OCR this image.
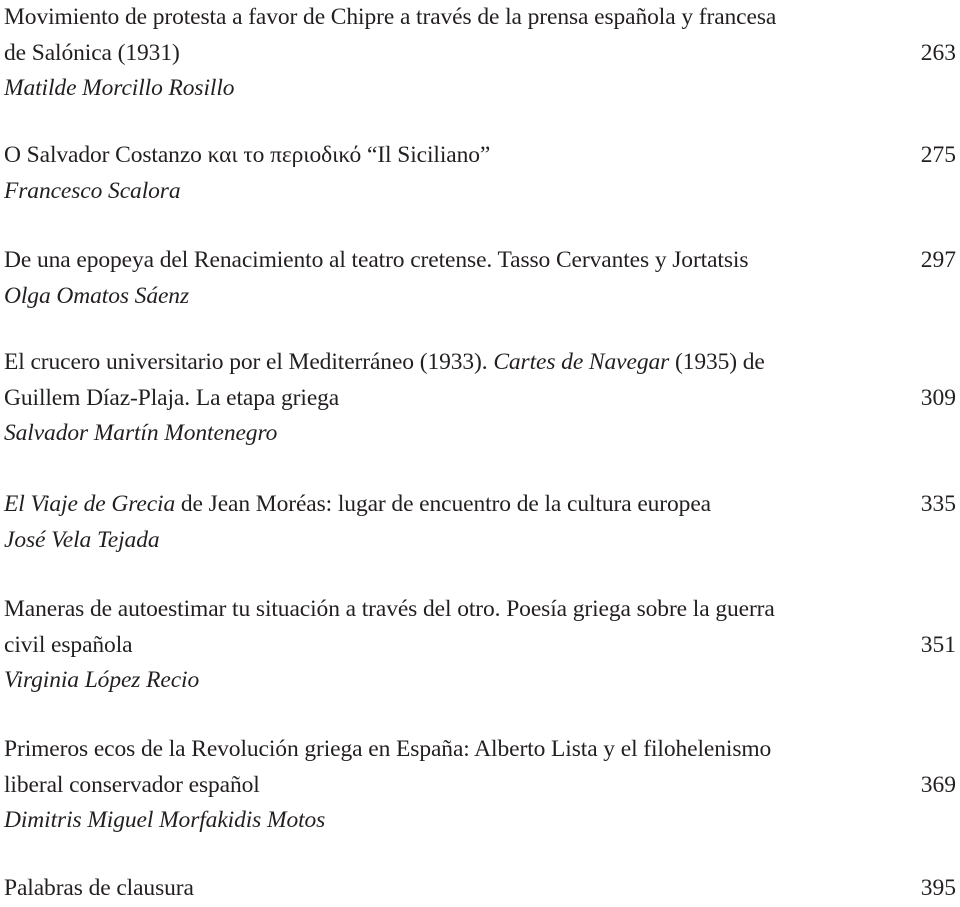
Movimiento de protesta a favor de Chipre a través de la prensa española y francesa
de Salónica (1931)
Matilde Morcillo Rosillo
263
O Salvador Costanzo και το περιοδικό “Il Siciliano”
Francesco Scalora
275
De una epopeya del Renacimiento al teatro cretense. Tasso Cervantes y Jortatsis
Olga Omatos Sáenz
297
El crucero universitario por el Mediterráneo (1933). Cartes de Navegar (1935) de
Guillem Díaz-Plaja. La etapa griega
Salvador Martín Montenegro
309
El Viaje de Grecia de Jean Moréas: lugar de encuentro de la cultura europea
José Vela Tejada
335
Maneras de autoestimar tu situación a través del otro. Poesía griega sobre la guerra
civil española
Virginia López Recio
351
Primeros ecos de la Revolución griega en España: Alberto Lista y el filohelenismo
liberal conservador español
Dimitris Miguel Morfakidis Motos
369
Palabras de clausura	395
